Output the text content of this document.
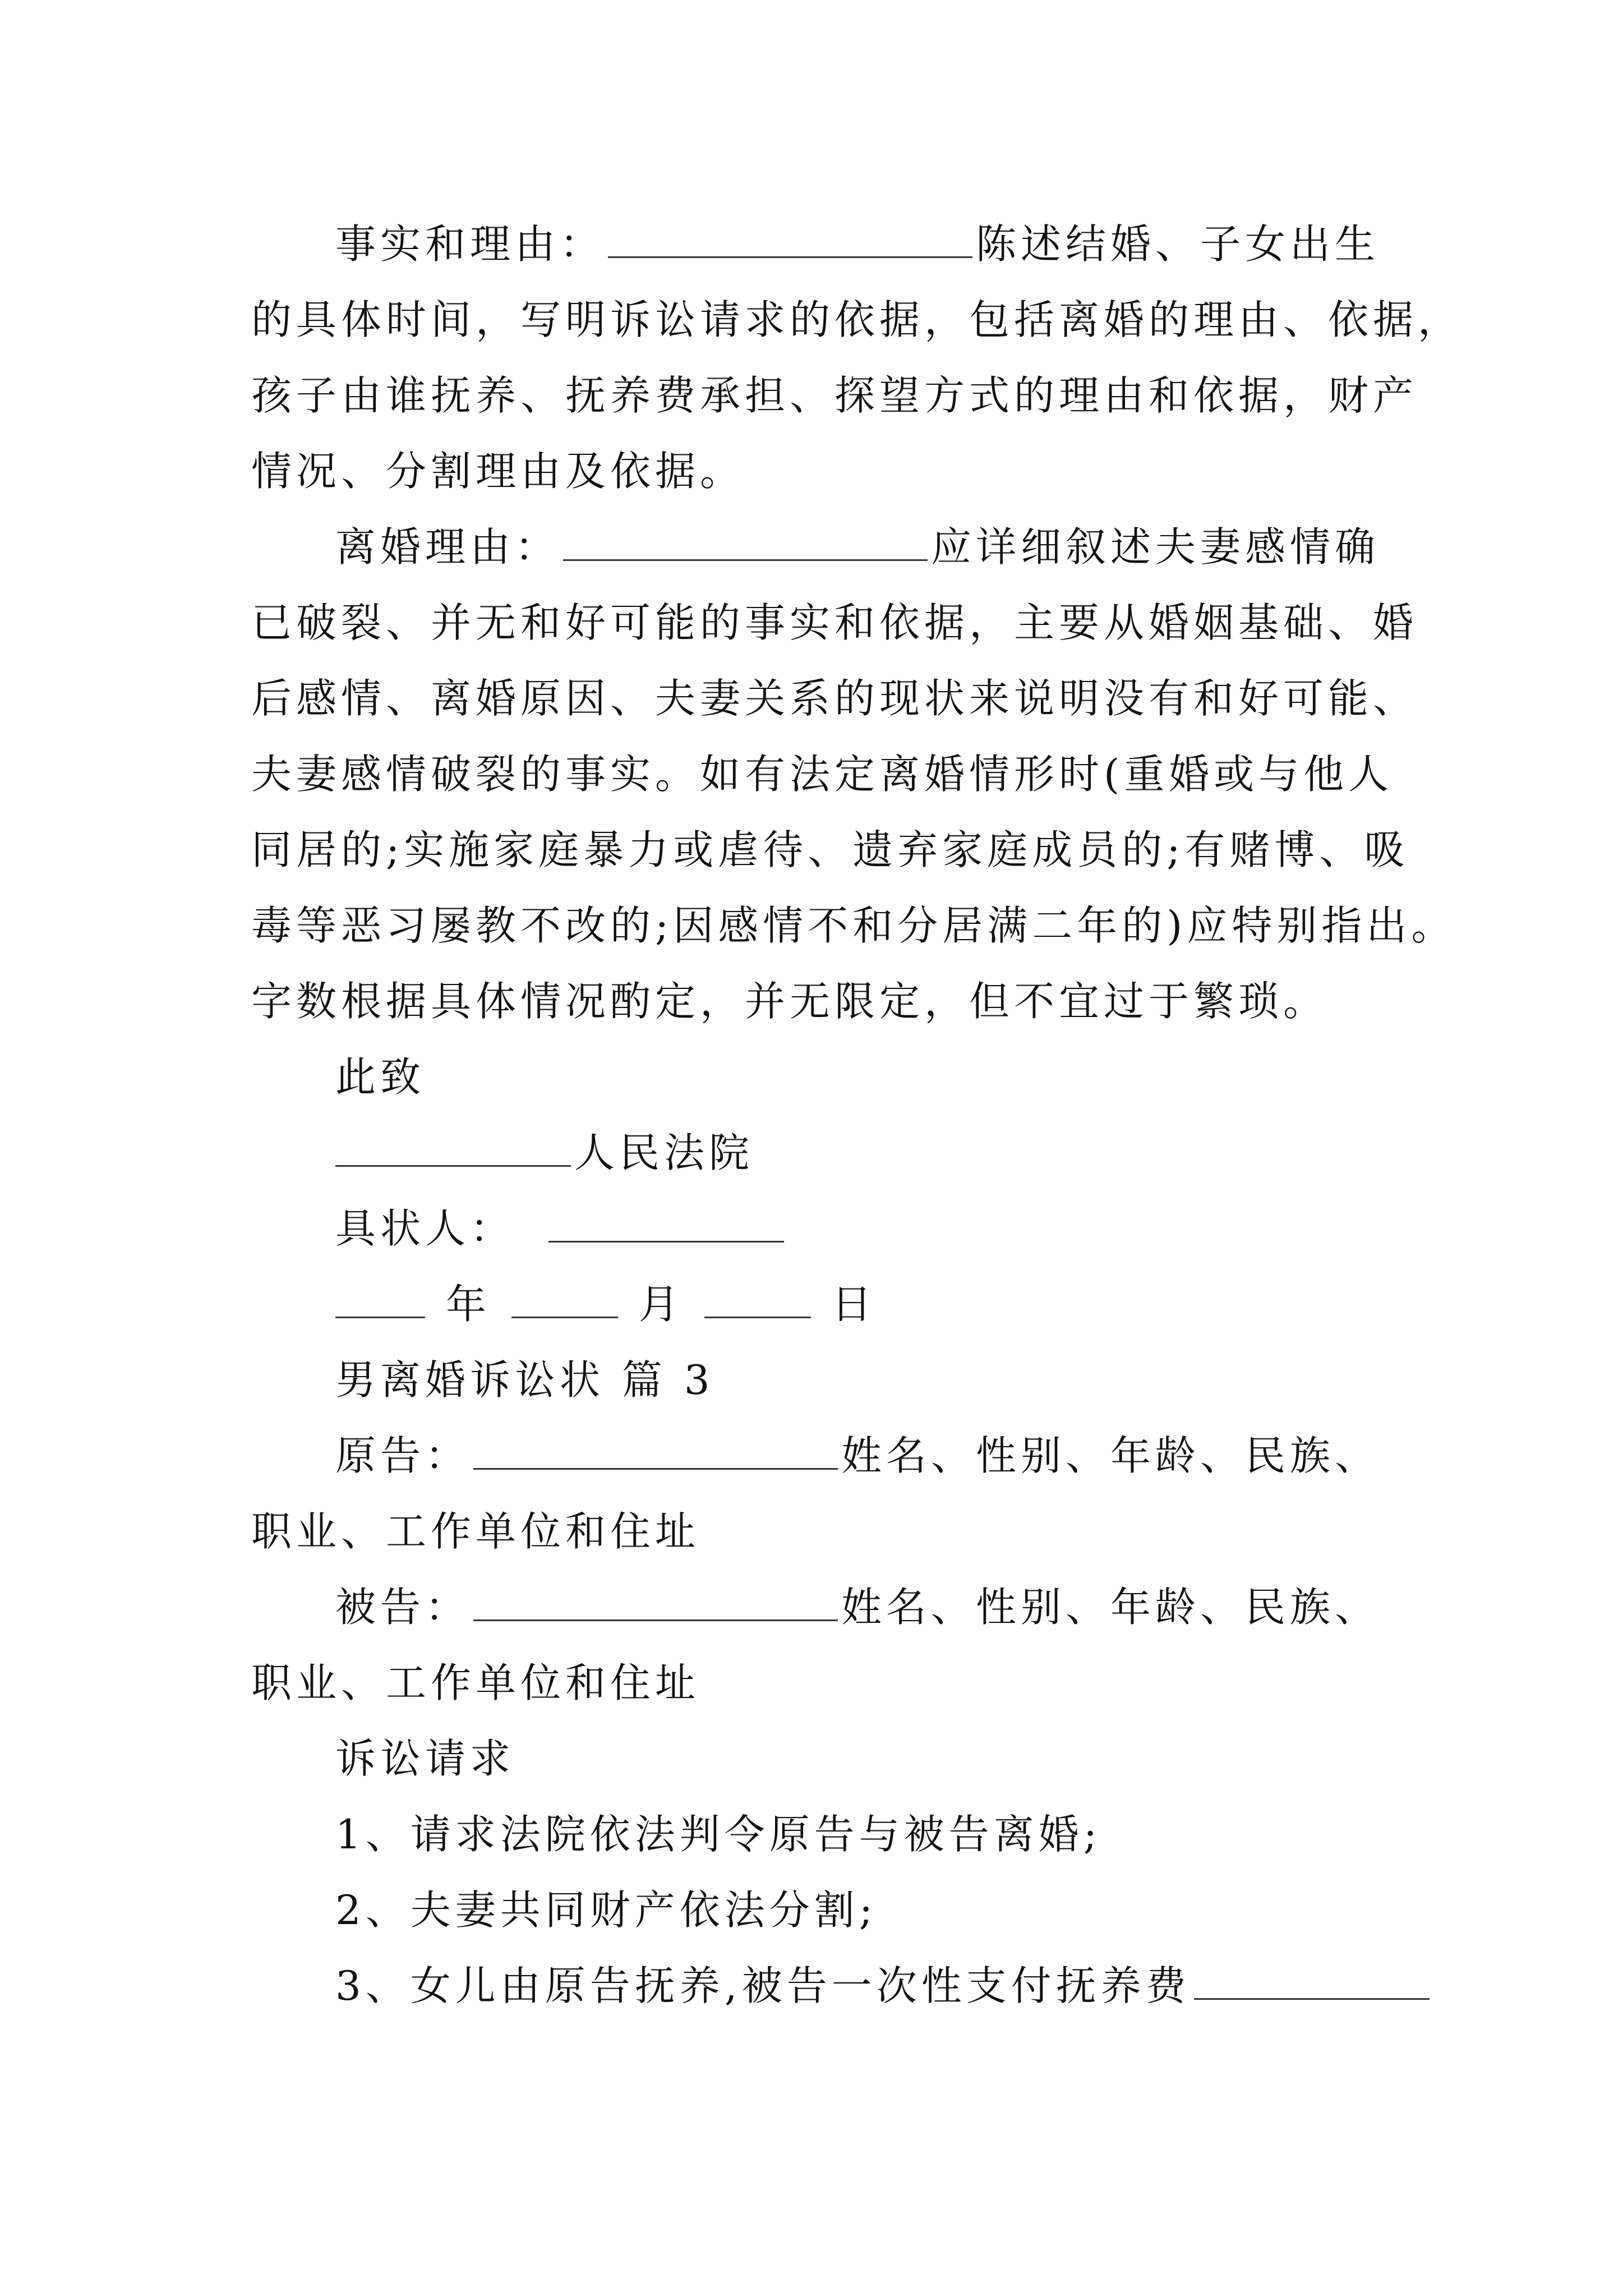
事实和理由：	陈述结婚、子女出生
的具体时间，写明诉讼请求的依据，包括离婚的理由、依据，
孩子由谁抚养、抚养费承担、探望方式的理由和依据，财产
情况、分割理由及依据。
离婚理由：	应详细叙述夫妻感情确
已破裂、并无和好可能的事实和依据，主要从婚姻基础、婚
后感情、离婚原因、夫妻关系的现状来说明没有和好可能、
夫妻感情破裂的事实。如有法定离婚情形时(重婚或与他人
同居的;实施家庭暴力或虐待、遗弃家庭成员的;有赌博、吸
毒等恶习屡教不改的;因感情不和分居满二年的)应特别指出。
字数根据具体情况酌定，并无限定，但不宜过于繁琐。
此致
人民法院
具状人：
年	月	日
男离婚诉讼状 篇 3
原告：	姓名、性别、年龄、民族、
职业、工作单位和住址
被告：	姓名、性别、年龄、民族、
职业、工作单位和住址
诉讼请求
1、请求法院依法判令原告与被告离婚;
2、夫妻共同财产依法分割;
3、女儿由原告抚养,被告一次性支付抚养费
